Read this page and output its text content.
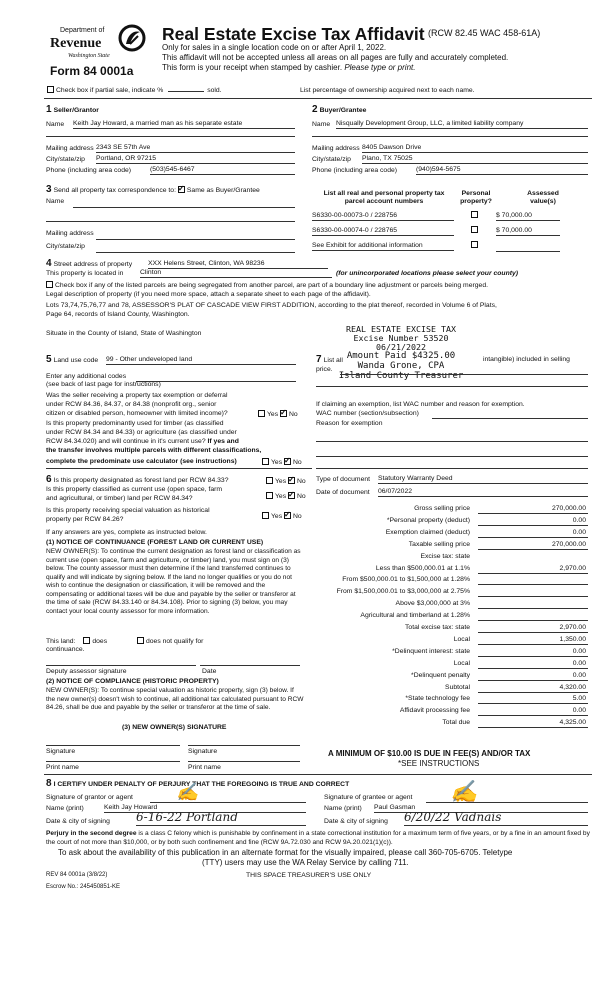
Department of
Revenue
Washington State
Form 84 0001a
Real Estate Excise Tax Affidavit (RCW 82.45 WAC 458-61A)
Only for sales in a single location code on or after April 1, 2022.
This affidavit will not be accepted unless all areas on all pages are fully and accurately completed.
This form is your receipt when stamped by cashier. Please type or print.
Check box if partial sale, indicate %	sold.	List percentage of ownership acquired next to each name.
1 Seller/Grantor
Name Keith Jay Howard, a married man as his separate estate
Mailing address 2343 SE 57th Ave
City/state/zip Portland, OR 97215
Phone (including area code)	(503)545-6467
2 Buyer/Grantee
Name Nisqually Development Group, LLC, a limited liability company
Mailing address 8405 Dawson Drive
City/state/zip Plano, TX 75025
Phone (including area code)	(940)594-5675
3 Send all property tax correspondence to: ✓ Same as Buyer/Grantee
Name
Mailing address
City/state/zip
List all real and personal property tax
parcel account numbers
Personal
property?
Assessed
value(s)
S6330-00-00073-0 / 228756	$ 70,000.00
S6330-00-00074-0 / 228765	$ 70,000.00
See Exhibit for additional information
4 Street address of property XXX Helens Street, Clinton, WA 98236
This property is located in Clinton	(for unincorporated locations please select your county)
Check box if any of the listed parcels are being segregated from another parcel, are part of a boundary line adjustment or parcels being merged.
Legal description of property (if you need more space, attach a separate sheet to each page of the affidavit).
Lots 73,74,75,76,77 and 78, ASSESSOR'S PLAT OF CASCADE VIEW FIRST ADDITION, according to the plat thereof, recorded in Volume 6 of Plats,
Page 64, records of Island County, Washington.
Situate in the County of Island, State of Washington	REAL ESTATE EXCISE TAX
Excise Number 53520
06/21/2022
Amount Paid $4325.00
Wanda Grone, CPA
Island County Treasurer
5 Land use code 99 - Other undeveloped land
Enter any additional codes
(see back of last page for instructions)
Was the seller receiving a property tax exemption or deferral
under RCW 84.36, 84.37, or 84.38 (nonprofit org., senior
citizen or disabled person, homeowner with limited income)?	Yes ✓ No
Is this property predominantly used for timber (as classified
under RCW 84.34 and 84.33) or agriculture (as classified under
RCW 84.34.020) and will continue in it's current use? If yes and
the transfer involves multiple parcels with different classifications,
complete the predominate use calculator (see instructions)	Yes ✓ No
7 List all	intangible) included in selling
price.
If claiming an exemption, list WAC number and reason for exemption.
WAC number (section/subsection)
Reason for exemption
6 Is this property designated as forest land per RCW 84.33?	Yes ✓ No
Is this property classified as current use (open space, farm
and agricultural, or timber) land per RCW 84.34?	Yes ✓ No
Is this property receiving special valuation as historical
property per RCW 84.26?	Yes ✓ No
If any answers are yes, complete as instructed below.
(1) NOTICE OF CONTINUANCE (FOREST LAND OR CURRENT USE)
NEW OWNER(S): To continue the current designation as forest land or classification as current use (open space, farm and agriculture, or timber) land, you must sign on (3) below. The county assessor must then determine if the land transferred continues to qualify and will indicate by signing below. If the land no longer qualifies or you do not wish to continue the designation or classification, it will be removed and the compensating or additional taxes will be due and payable by the seller or transferor at the time of sale (RCW 84.33.140 or 84.34.108). Prior to signing (3) below, you may contact your local county assessor for more information.
This land: does	does not qualify for
continuance.
Deputy assessor signature	Date
(2) NOTICE OF COMPLIANCE (HISTORIC PROPERTY)
NEW OWNER(S): To continue special valuation as historic property, sign (3) below. If the new owner(s) doesn't wish to continue, all additional tax calculated pursuant to RCW 84.26, shall be due and payable by the seller or transferor at the time of sale.
(3) NEW OWNER(S) SIGNATURE
Signature	Signature
Print name	Print name
Type of document Statutory Warranty Deed
Date of document 06/07/2022
Gross selling price	270,000.00
*Personal property (deduct)	0.00
Exemption claimed (deduct)	0.00
Taxable selling price	270,000.00
Excise tax: state
Less than $500,000.01 at 1.1%	2,970.00
From $500,000.01 to $1,500,000 at 1.28%
From $1,500,000.01 to $3,000,000 at 2.75%
Above $3,000,000 at 3%
Agricultural and timberland at 1.28%
Total excise tax: state	2,970.00
Local	1,350.00
*Delinquent interest: state	0.00
Local	0.00
*Delinquent penalty	0.00
Subtotal	4,320.00
*State technology fee	5.00
Affidavit processing fee	0.00
Total due	4,325.00
A MINIMUM OF $10.00 IS DUE IN FEE(S) AND/OR TAX
*SEE INSTRUCTIONS
8 I CERTIFY UNDER PENALTY OF PERJURY THAT THE FOREGOING IS TRUE AND CORRECT
Signature of grantor or agent ✍
Name (print)	Keith Jay Howard
Date & city of signing 6-16-22 Portland
Signature of grantee or agent ✍
Name (print) Paul Gasman
Date & city of signing 6/20/22 Vadnais
Perjury in the second degree is a class C felony which is punishable by confinement in a state correctional institution for a maximum term of five years, or by a fine in an amount fixed by the court of not more than $10,000, or by both such confinement and fine (RCW 9A.72.030 and RCW 9A.20.021(1)(c)).
To ask about the availability of this publication in an alternate format for the visually impaired, please call 360-705-6705. Teletype
(TTY) users may use the WA Relay Service by calling 711.
REV 84 0001a (3/8/22)	THIS SPACE TREASURER'S USE ONLY
Escrow No.: 245450851-KE
